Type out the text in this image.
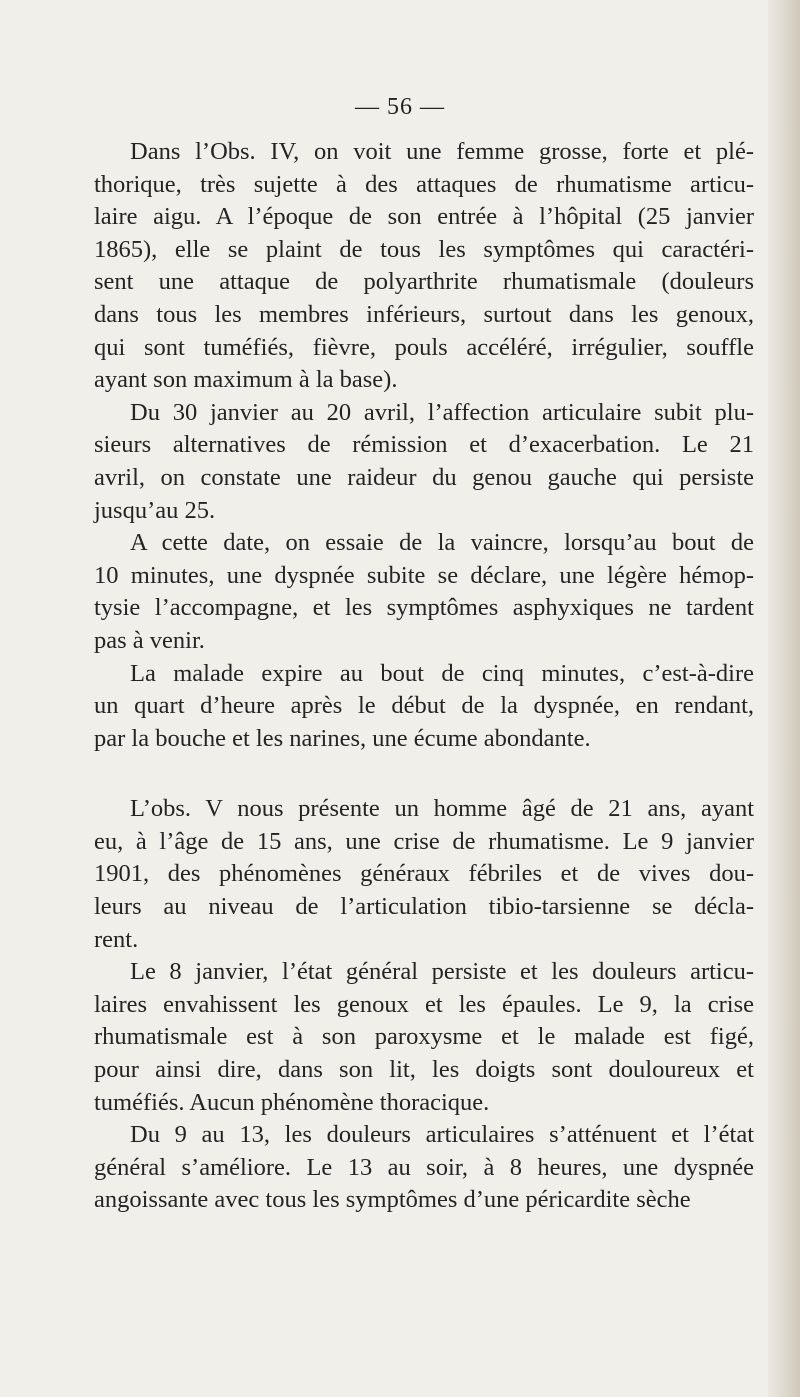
— 56 —
Dans l’Obs. IV, on voit une femme grosse, forte et plé-
thorique, très sujette à des attaques de rhumatisme articu-
laire aigu. A l’époque de son entrée à l’hôpital (25 janvier
1865), elle se plaint de tous les symptômes qui caractéri-
sent une attaque de polyarthrite rhumatismale (douleurs
dans tous les membres inférieurs, surtout dans les genoux,
qui sont tuméfiés, fièvre, pouls accéléré, irrégulier, souffle
ayant son maximum à la base).
Du 30 janvier au 20 avril, l’affection articulaire subit plu-
sieurs alternatives de rémission et d’exacerbation. Le 21
avril, on constate une raideur du genou gauche qui persiste
jusqu’au 25.
A cette date, on essaie de la vaincre, lorsqu’au bout de
10 minutes, une dyspnée subite se déclare, une légère hémop-
tysie l’accompagne, et les symptômes asphyxiques ne tardent
pas à venir.
La malade expire au bout de cinq minutes, c’est-à-dire
un quart d’heure après le début de la dyspnée, en rendant,
par la bouche et les narines, une écume abondante.
L’obs. V nous présente un homme âgé de 21 ans, ayant
eu, à l’âge de 15 ans, une crise de rhumatisme. Le 9 janvier
1901, des phénomènes généraux fébriles et de vives dou-
leurs au niveau de l’articulation tibio-tarsienne se décla-
rent.
Le 8 janvier, l’état général persiste et les douleurs articu-
laires envahissent les genoux et les épaules. Le 9, la crise
rhumatismale est à son paroxysme et le malade est figé,
pour ainsi dire, dans son lit, les doigts sont douloureux et
tuméfiés. Aucun phénomène thoracique.
Du 9 au 13, les douleurs articulaires s’atténuent et l’état
général s’améliore. Le 13 au soir, à 8 heures, une dyspnée
angoissante avec tous les symptômes d’une péricardite sèche
